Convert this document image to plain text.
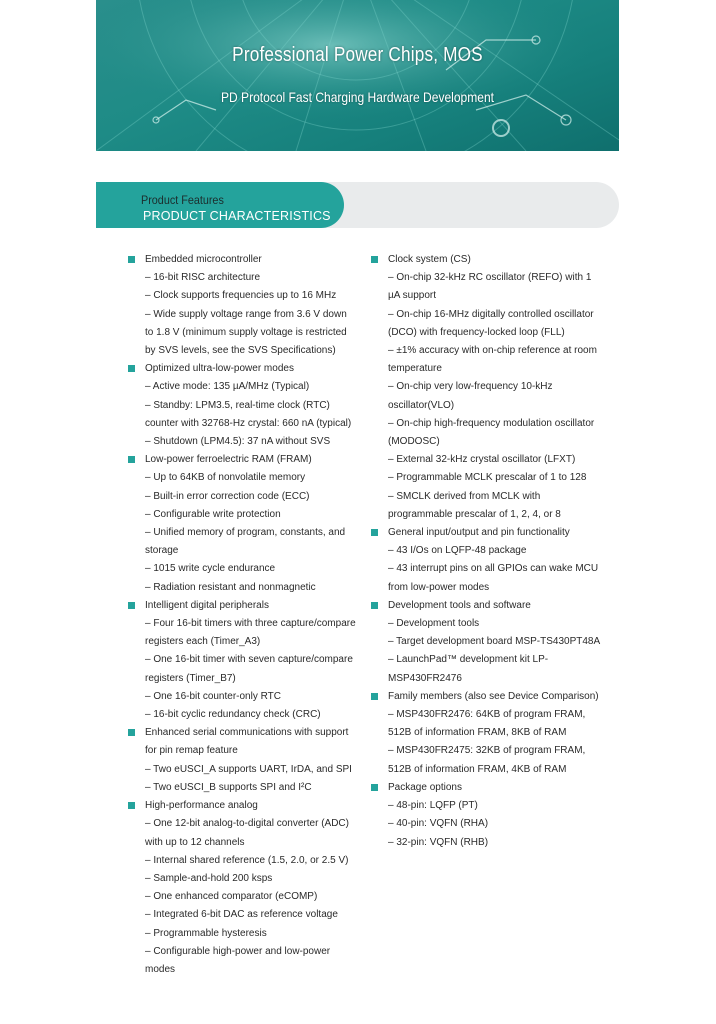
Professional Power Chips, MOS
PD Protocol Fast Charging Hardware Development
Product Features
PRODUCT CHARACTERISTICS
Embedded microcontroller
– 16-bit RISC architecture
– Clock supports frequencies up to 16 MHz
– Wide supply voltage range from 3.6 V down to 1.8 V (minimum supply voltage is restricted by SVS levels, see the SVS Specifications)
Optimized ultra-low-power modes
– Active mode: 135 µA/MHz (Typical)
– Standby: LPM3.5, real-time clock (RTC) counter with 32768-Hz crystal: 660 nA (typical)
– Shutdown (LPM4.5): 37 nA without SVS
Low-power ferroelectric RAM (FRAM)
– Up to 64KB of nonvolatile memory
– Built-in error correction code (ECC)
– Configurable write protection
– Unified memory of program, constants, and storage
– 1015 write cycle endurance
– Radiation resistant and nonmagnetic
Intelligent digital peripherals
– Four 16-bit timers with three capture/compare registers each (Timer_A3)
– One 16-bit timer with seven capture/compare registers (Timer_B7)
– One 16-bit counter-only RTC
– 16-bit cyclic redundancy check (CRC)
Enhanced serial communications with support for pin remap feature
– Two eUSCI_A supports UART, IrDA, and SPI
– Two eUSCI_B supports SPI and I²C
High-performance analog
– One 12-bit analog-to-digital converter (ADC) with up to 12 channels
– Internal shared reference (1.5, 2.0, or 2.5 V)
– Sample-and-hold 200 ksps
– One enhanced comparator (eCOMP)
– Integrated 6-bit DAC as reference voltage
– Programmable hysteresis
– Configurable high-power and low-power modes
Clock system (CS)
– On-chip 32-kHz RC oscillator (REFO) with 1 µA support
– On-chip 16-MHz digitally controlled oscillator (DCO) with frequency-locked loop (FLL)
– ±1% accuracy with on-chip reference at room temperature
– On-chip very low-frequency 10-kHz oscillator(VLO)
– On-chip high-frequency modulation oscillator (MODOSC)
– External 32-kHz crystal oscillator (LFXT)
– Programmable MCLK prescalar of 1 to 128
– SMCLK derived from MCLK with programmable prescalar of 1, 2, 4, or 8
General input/output and pin functionality
– 43 I/Os on LQFP-48 package
– 43 interrupt pins on all GPIOs can wake MCU from low-power modes
Development tools and software
– Development tools
– Target development board MSP-TS430PT48A
– LaunchPad™ development kit LP-MSP430FR2476
Family members (also see Device Comparison)
– MSP430FR2476: 64KB of program FRAM, 512B of information FRAM, 8KB of RAM
– MSP430FR2475: 32KB of program FRAM, 512B of information FRAM, 4KB of RAM
Package options
– 48-pin: LQFP (PT)
– 40-pin: VQFN (RHA)
– 32-pin: VQFN (RHB)
